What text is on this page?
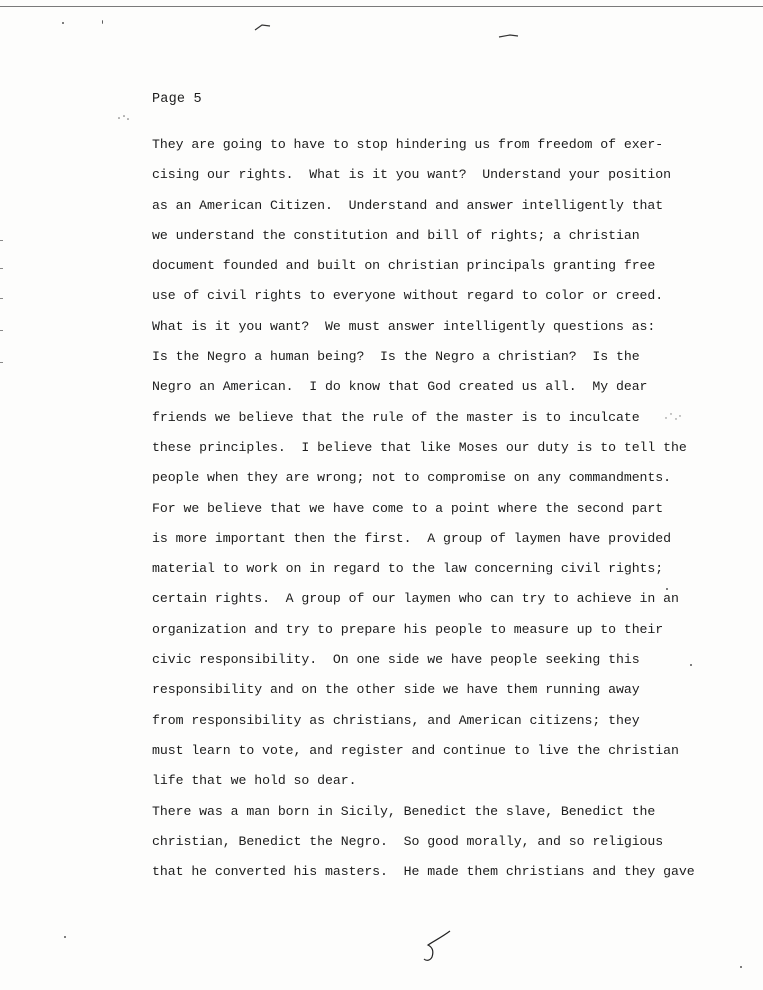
Page 5
They are going to have to stop hindering us from freedom of exer-
cising our rights.  What is it you want?  Understand your position
as an American Citizen.  Understand and answer intelligently that
we understand the constitution and bill of rights; a christian
document founded and built on christian principals granting free
use of civil rights to everyone without regard to color or creed.
What is it you want?  We must answer intelligently questions as:
Is the Negro a human being?  Is the Negro a christian?  Is the
Negro an American.  I do know that God created us all.  My dear
friends we believe that the rule of the master is to inculcate
these principles.  I believe that like Moses our duty is to tell the
people when they are wrong; not to compromise on any commandments.
For we believe that we have come to a point where the second part
is more important then the first.  A group of laymen have provided
material to work on in regard to the law concerning civil rights;
certain rights.  A group of our laymen who can try to achieve in an
organization and try to prepare his people to measure up to their
civic responsibility.  On one side we have people seeking this
responsibility and on the other side we have them running away
from responsibility as christians, and American citizens; they
must learn to vote, and register and continue to live the christian
life that we hold so dear.
There was a man born in Sicily, Benedict the slave, Benedict the
christian, Benedict the Negro.  So good morally, and so religious
that he converted his masters.  He made them christians and they gave
